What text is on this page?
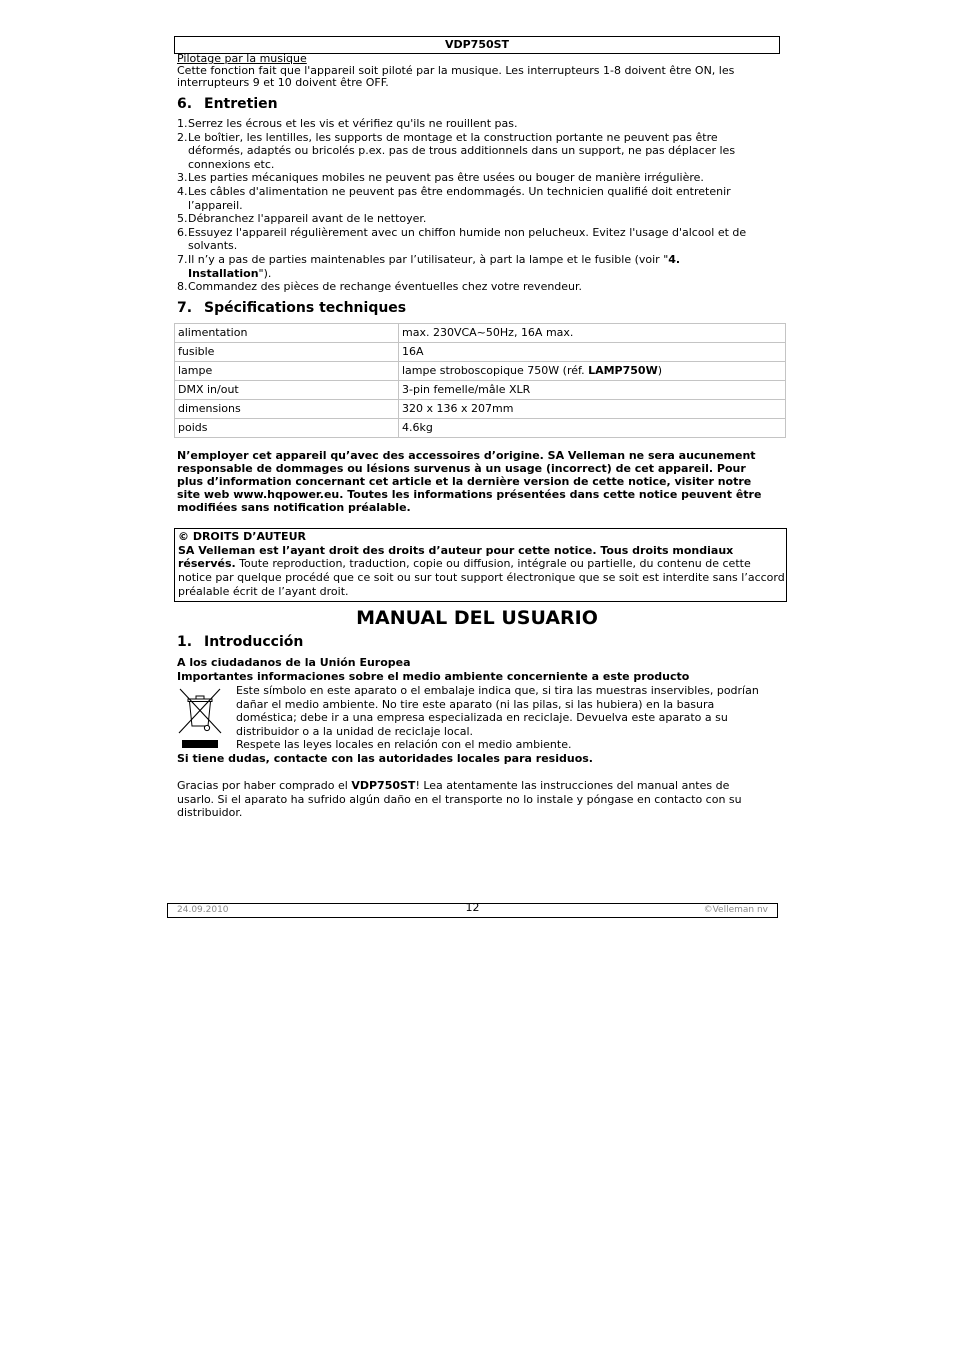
VDP750ST
Pilotage par la musique
Cette fonction fait que l'appareil soit piloté par la musique. Les interrupteurs 1-8 doivent être ON, les
interrupteurs 9 et 10 doivent être OFF.
6. Entretien
1. Serrez les écrous et les vis et vérifiez qu'ils ne rouillent pas.
2. Le boîtier, les lentilles, les supports de montage et la construction portante ne peuvent pas être
déformés, adaptés ou bricolés p.ex. pas de trous additionnels dans un support, ne pas déplacer les
connexions etc.
3. Les parties mécaniques mobiles ne peuvent pas être usées ou bouger de manière irrégulière.
4. Les câbles d'alimentation ne peuvent pas être endommagés. Un technicien qualifié doit entretenir
l’appareil.
5. Débranchez l'appareil avant de le nettoyer.
6. Essuyez l'appareil régulièrement avec un chiffon humide non pelucheux. Evitez l'usage d'alcool et de
solvants.
7. Il n’y a pas de parties maintenables par l’utilisateur, à part la lampe et le fusible (voir "4.
Installation").
8. Commandez des pièces de rechange éventuelles chez votre revendeur.
7. Spécifications techniques
alimentation	max. 230VCA~50Hz, 16A max.
fusible	16A
lampe	lampe stroboscopique 750W (réf. LAMP750W)
DMX in/out	3-pin femelle/mâle XLR
dimensions	320 x 136 x 207mm
poids	4.6kg
N’employer cet appareil qu’avec des accessoires d’origine. SA Velleman ne sera aucunement
responsable de dommages ou lésions survenus à un usage (incorrect) de cet appareil. Pour
plus d’information concernant cet article et la dernière version de cette notice, visiter notre
site web www.hqpower.eu. Toutes les informations présentées dans cette notice peuvent être
modifiées sans notification préalable.
© DROITS D’AUTEUR
SA Velleman est l’ayant droit des droits d’auteur pour cette notice. Tous droits mondiaux
réservés. Toute reproduction, traduction, copie ou diffusion, intégrale ou partielle, du contenu de cette
notice par quelque procédé que ce soit ou sur tout support électronique que se soit est interdite sans l’accord
préalable écrit de l’ayant droit.
MANUAL DEL USUARIO
1. Introducción
A los ciudadanos de la Unión Europea
Importantes informaciones sobre el medio ambiente concerniente a este producto
Este símbolo en este aparato o el embalaje indica que, si tira las muestras inservibles, podrían
dañar el medio ambiente. No tire este aparato (ni las pilas, si las hubiera) en la basura
doméstica; debe ir a una empresa especializada en reciclaje. Devuelva este aparato a su
distribuidor o a la unidad de reciclaje local.
Respete las leyes locales en relación con el medio ambiente.
Si tiene dudas, contacte con las autoridades locales para residuos.
Gracias por haber comprado el VDP750ST! Lea atentamente las instrucciones del manual antes de
usarlo. Si el aparato ha sufrido algún daño en el transporte no lo instale y póngase en contacto con su
distribuidor.
24.09.2010	12	©Velleman nv
